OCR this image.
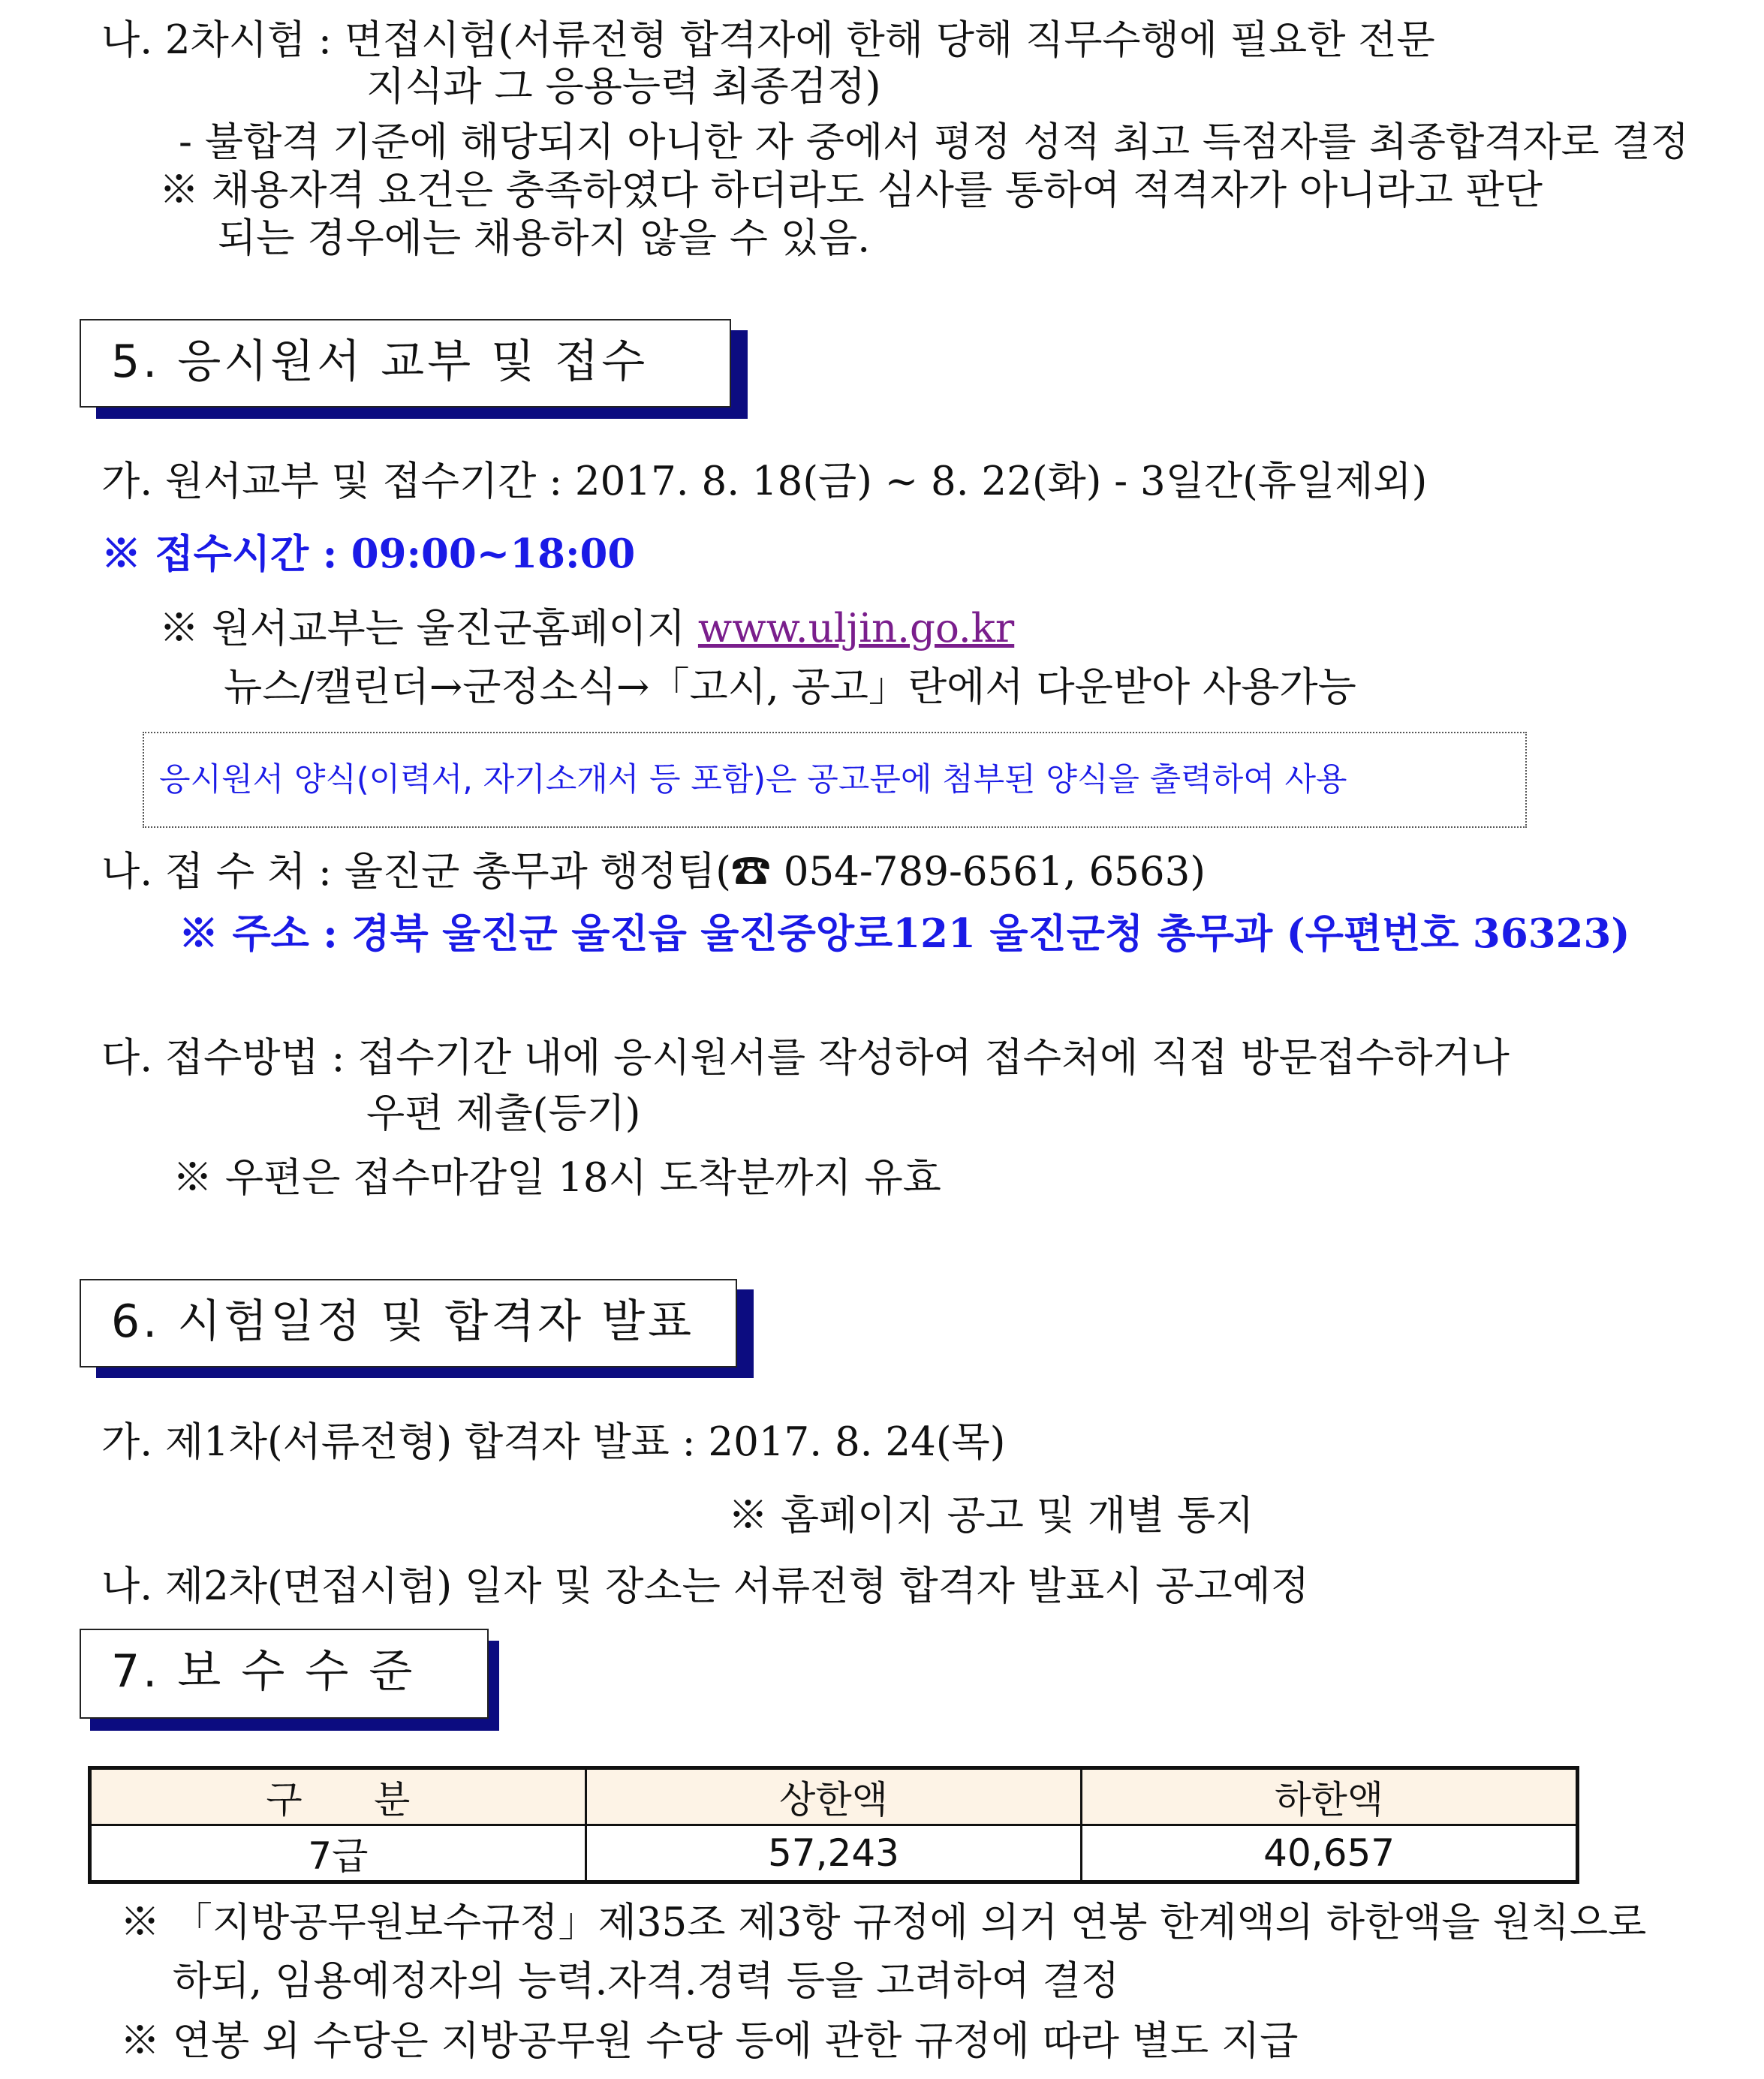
나. 2차시험 : 면접시험(서류전형 합격자에 한해 당해 직무수행에 필요한 전문
지식과 그 응용능력 최종검정)
- 불합격 기준에 해당되지 아니한 자 중에서 평정 성적 최고 득점자를 최종합격자로 결정
※ 채용자격 요건은 충족하였다 하더라도 심사를 통하여 적격자가 아니라고 판단
되는 경우에는 채용하지 않을 수 있음.
5. 응시원서 교부 및 접수
가. 원서교부 및 접수기간 : 2017. 8. 18(금) ~ 8. 22(화) - 3일간(휴일제외)
※ 접수시간 : 09:00~18:00
※ 원서교부는 울진군홈페이지 www.uljin.go.kr
뉴스/캘린더→군정소식→「고시, 공고」란에서 다운받아 사용가능
응시원서 양식(이력서, 자기소개서 등 포함)은 공고문에 첨부된 양식을 출력하여 사용
나. 접 수 처 : 울진군 총무과 행정팀(☎ 054-789-6561, 6563)
※ 주소 : 경북 울진군 울진읍 울진중앙로121 울진군청 총무과 (우편번호 36323)
다. 접수방법 : 접수기간 내에 응시원서를 작성하여 접수처에 직접 방문접수하거나
우편 제출(등기)
※ 우편은 접수마감일 18시 도착분까지 유효
6. 시험일정 및 합격자 발표
가. 제1차(서류전형) 합격자 발표 : 2017. 8. 24(목)
※ 홈페이지 공고 및 개별 통지
나. 제2차(면접시험) 일자 및 장소는 서류전형 합격자 발표시 공고예정
7. 보 수 수 준
구      분	상한액	하한액
7급	57,243	40,657
※ 「지방공무원보수규정」제35조 제3항 규정에 의거 연봉 한계액의 하한액을 원칙으로
하되, 임용예정자의 능력.자격.경력 등을 고려하여 결정
※ 연봉 외 수당은 지방공무원 수당 등에 관한 규정에 따라 별도 지급
